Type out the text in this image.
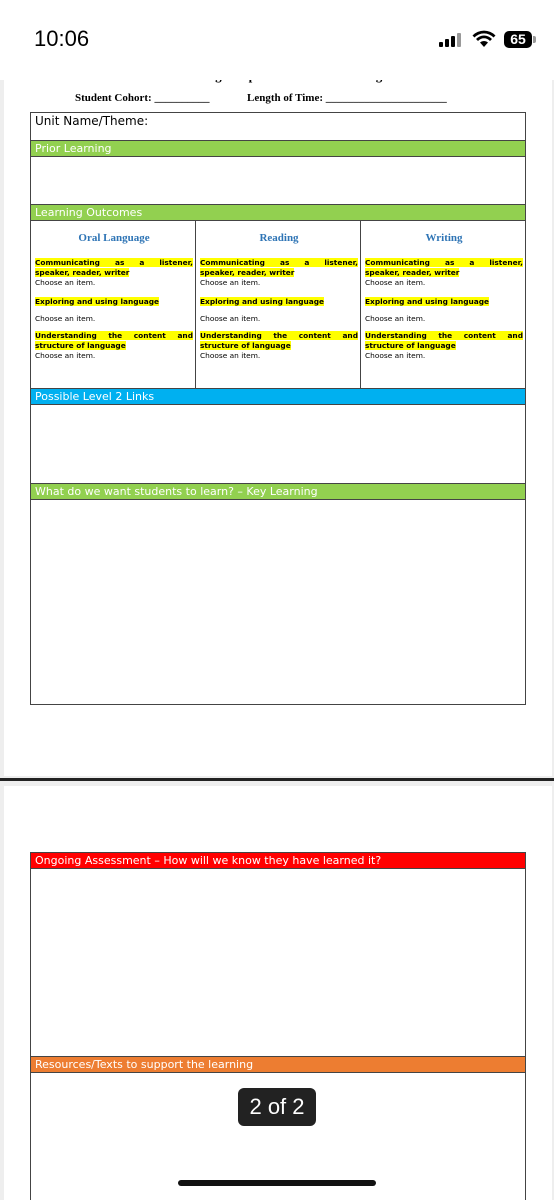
10:06	65
Student Cohort: __________	Length of Time: ______________________
Unit Name/Theme:
Prior Learning
Learning Outcomes
Oral Language
Communicating as a listener, speaker, reader, writer
Choose an item.
Exploring and using language
Choose an item.
Understanding the content and structure of language
Choose an item.
Reading
Communicating as a listener, speaker, reader, writer
Choose an item.
Exploring and using language
Choose an item.
Understanding the content and structure of language
Choose an item.
Writing
Communicating as a listener, speaker, reader, writer
Choose an item.
Exploring and using language
Choose an item.
Understanding the content and structure of language
Choose an item.
Possible Level 2 Links
What do we want students to learn? – Key Learning
Ongoing Assessment – How will we know they have learned it?
Resources/Texts to support the learning
2 of 2
